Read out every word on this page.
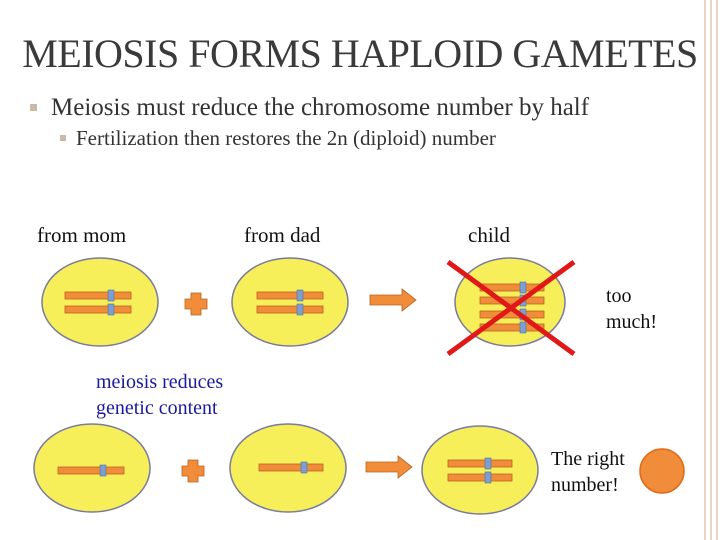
MEIOSIS FORMS HAPLOID GAMETES
Meiosis must reduce the chromosome number by half
Fertilization then restores the 2n (diploid) number
from mom	from dad	child
too
much!
meiosis reduces
genetic content
The right
number!
